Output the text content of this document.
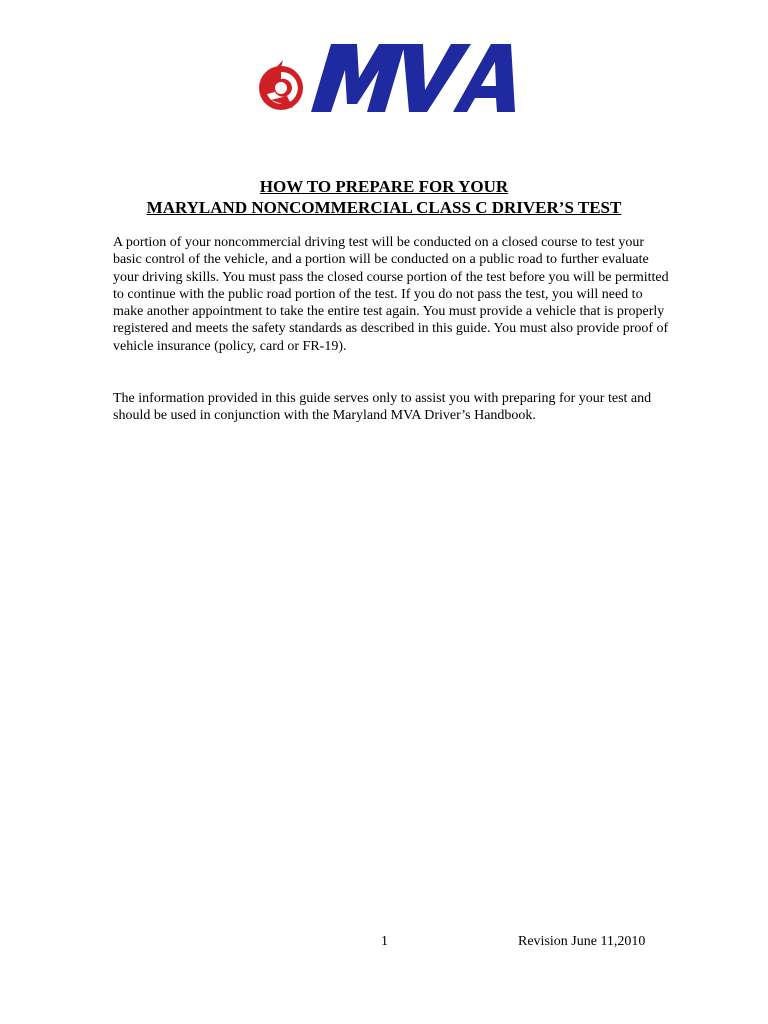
HOW TO PREPARE FOR YOUR
MARYLAND NONCOMMERCIAL CLASS C DRIVER’S TEST
A portion of your noncommercial driving test will be conducted on a closed course to test your basic control of the vehicle, and a portion will be conducted on a public road to further evaluate your driving skills. You must pass the closed course portion of the test before you will be permitted to continue with the public road portion of the test. If you do not pass the test, you will need to make another appointment to take the entire test again. You must provide a vehicle that is properly registered and meets the safety standards as described in this guide. You must also provide proof of vehicle insurance (policy, card or FR-19).
The information provided in this guide serves only to assist you with preparing for your test and should be used in conjunction with the Maryland MVA Driver’s Handbook.
1	Revision June 11,2010
